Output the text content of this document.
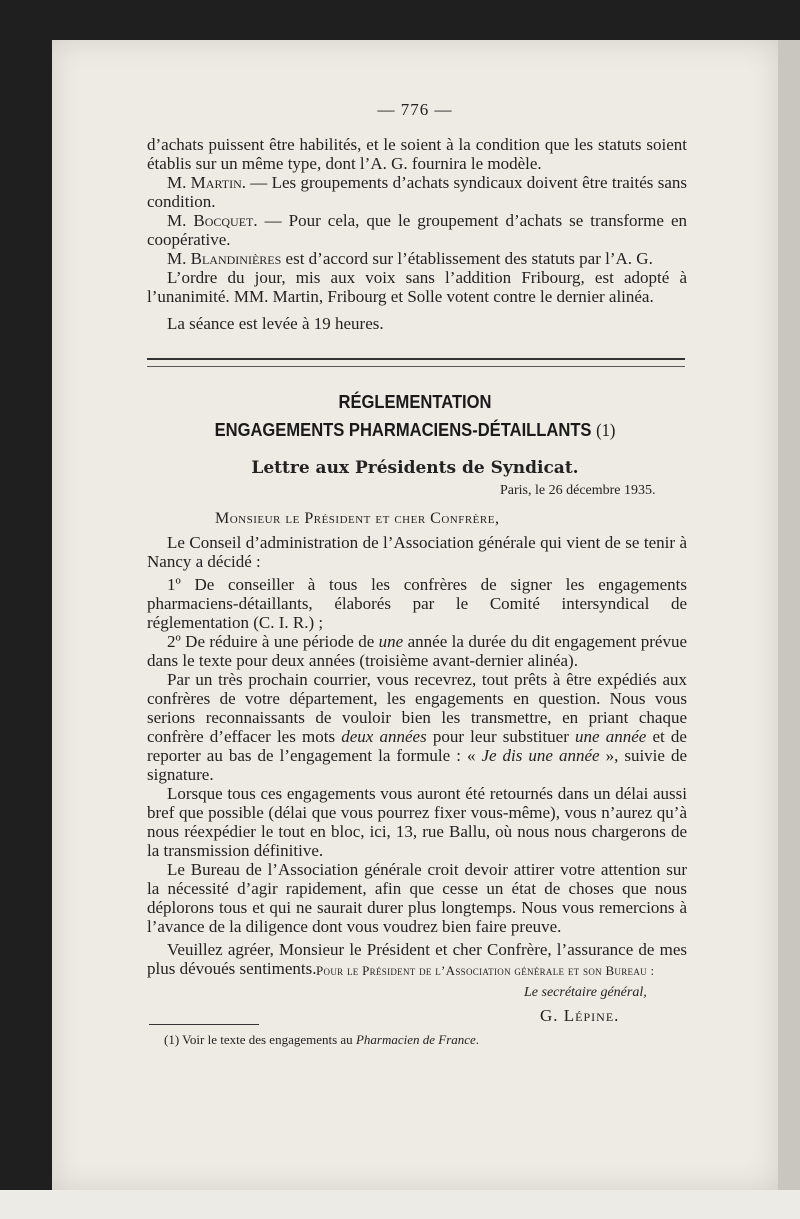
— 776 —

d’achats puissent être habilités, et le soient à la condition que les statuts soient établis sur un même type, dont l’A. G. fournira le modèle.

M. Martin. — Les groupements d’achats syndicaux doivent être traités sans condition.

M. Bocquet. — Pour cela, que le groupement d’achats se transforme en coopérative.

M. Blandinières est d’accord sur l’établissement des statuts par l’A. G.

L’ordre du jour, mis aux voix sans l’addition Fribourg, est adopté à l’unanimité. MM. Martin, Fribourg et Solle votent contre le dernier alinéa.

La séance est levée à 19 heures.

RÉGLEMENTATION
ENGAGEMENTS PHARMACIENS-DÉTAILLANTS (1)
Lettre aux Présidents de Syndicat.
Paris, le 26 décembre 1935.
Monsieur le Président et cher Confrère,

Le Conseil d’administration de l’Association générale qui vient de se tenir à Nancy a décidé :

1º De conseiller à tous les confrères de signer les engagements pharmaciens-détaillants, élaborés par le Comité intersyndical de réglementation (C. I. R.) ;

2º De réduire à une période de une année la durée du dit engagement prévue dans le texte pour deux années (troisième avant-dernier alinéa).

Par un très prochain courrier, vous recevrez, tout prêts à être expédiés aux confrères de votre département, les engagements en question. Nous vous serions reconnaissants de vouloir bien les transmettre, en priant chaque confrère d’effacer les mots deux années pour leur substituer une année et de reporter au bas de l’engagement la formule : « Je dis une année », suivie de signature.

Lorsque tous ces engagements vous auront été retournés dans un délai aussi bref que possible (délai que vous pourrez fixer vous-même), vous n’aurez qu’à nous réexpédier le tout en bloc, ici, 13, rue Ballu, où nous nous chargerons de la transmission définitive.

Le Bureau de l’Association générale croit devoir attirer votre attention sur la nécessité d’agir rapidement, afin que cesse un état de choses que nous déplorons tous et qui ne saurait durer plus longtemps. Nous vous remercions à l’avance de la diligence dont vous voudrez bien faire preuve.

Veuillez agréer, Monsieur le Président et cher Confrère, l’assurance de mes plus dévoués sentiments. Pour le Président de l’Association générale et son Bureau :
Le secrétaire général,
G. Lépine.
(1) Voir le texte des engagements au Pharmacien de France.
